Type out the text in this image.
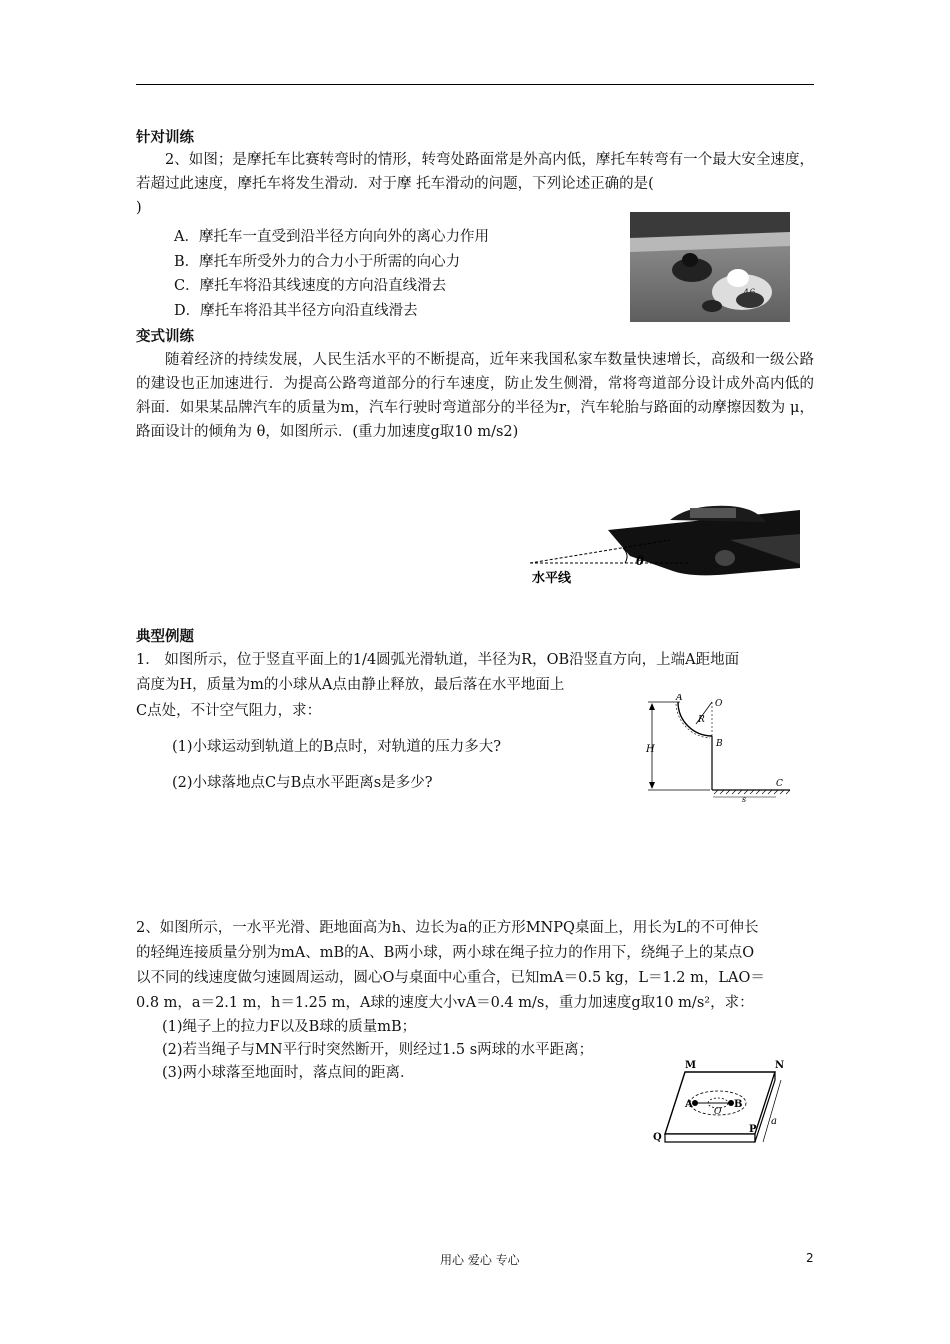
针对训练

2、如图；是摩托车比赛转弯时的情形，转弯处路面常是外高内低，摩托车转弯有一个最大安全速度，若超过此速度，摩托车将发生滑动．对于摩 托车滑动的问题，下列论述正确的是(
)

A．摩托车一直受到沿半径方向向外的离心力作用
B．摩托车所受外力的合力小于所需的向心力
C．摩托车将沿其线速度的方向沿直线滑去
D．摩托车将沿其半径方向沿直线滑去
46
变式训练

随着经济的持续发展，人民生活水平的不断提高，近年来我国私家车数量快速增长，高级和一级公路的建设也正加速进行．为提高公路弯道部分的行车速度，防止发生侧滑，常将弯道部分设计成外高内低的斜面．如果某品牌汽车的质量为m，汽车行驶时弯道部分的半径为r，汽车轮胎与路面的动摩擦因数为 μ，路面设计的倾角为 θ，如图所示．(重力加速度g取10 m/s2)

θ
水平线
典型例题
1． 如图所示，位于竖直平面上的1/4圆弧光滑轨道，半径为R，OB沿竖直方向，上端A距地面
高度为H，质量为m的小球从A点由静止释放，最后落在水平地面上
C点处，不计空气阻力，求：
(1)小球运动到轨道上的B点时，对轨道的压力多大?
(2)小球落地点C与B点水平距离s是多少?
H
A
O
R
B
C
s
2、如图所示，一水平光滑、距地面高为h、边长为a的正方形MNPQ桌面上，用长为L的不可伸长
的轻绳连接质量分别为mA、mB的A、B两小球，两小球在绳子拉力的作用下，绕绳子上的某点O
以不同的线速度做匀速圆周运动，圆心O与桌面中心重合，已知mA＝0.5 kg，L＝1.2 m，LAO＝
0.8 m，a＝2.1 m，h＝1.25 m，A球的速度大小vA＝0.4 m/s，重力加速度g取10 m/s²，求：
(1)绳子上的拉力F以及B球的质量mB；
(2)若当绳子与MN平行时突然断开，则经过1.5 s两球的水平距离；
(3)两小球落至地面时，落点间的距离．
A	B
O
M	N
P
Q
a
用心 爱心 专心	2
